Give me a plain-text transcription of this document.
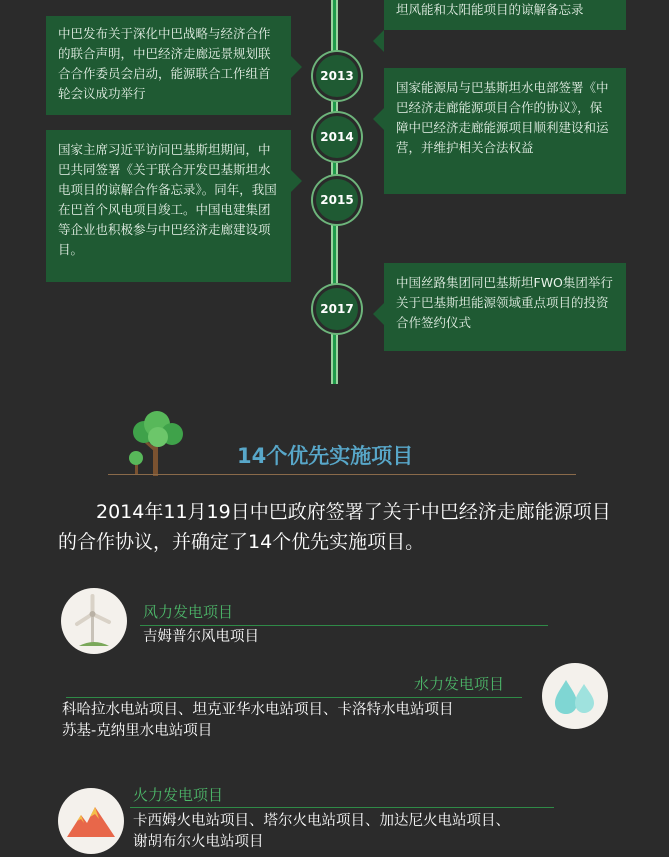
坦风能和太阳能项目的谅解备忘录
中巴发布关于深化中巴战略与经济合作的联合声明，中巴经济走廊远景规划联合合作委员会启动，能源联合工作组首轮会议成功举行
2013
国家能源局与巴基斯坦水电部签署《中巴经济走廊能源项目合作的协议》，保障中巴经济走廊能源项目顺利建设和运营，并维护相关合法权益
2014
国家主席习近平访问巴基斯坦期间，中巴共同签署《关于联合开发巴基斯坦水电项目的谅解合作备忘录》。同年，我国在巴首个风电项目竣工。中国电建集团等企业也积极参与中巴经济走廊建设项目。
2015
中国丝路集团同巴基斯坦FWO集团举行关于巴基斯坦能源领域重点项目的投资合作签约仪式
2017
14个优先实施项目
2014年11月19日中巴政府签署了关于中巴经济走廊能源项目的合作协议，并确定了14个优先实施项目。
风力发电项目
吉姆普尔风电项目
水力发电项目
科哈拉水电站项目、坦克亚华水电站项目、卡洛特水电站项目
苏基-克纳里水电站项目
火力发电项目
卡西姆火电站项目、塔尔火电站项目、加达尼火电站项目、
谢胡布尔火电站项目
